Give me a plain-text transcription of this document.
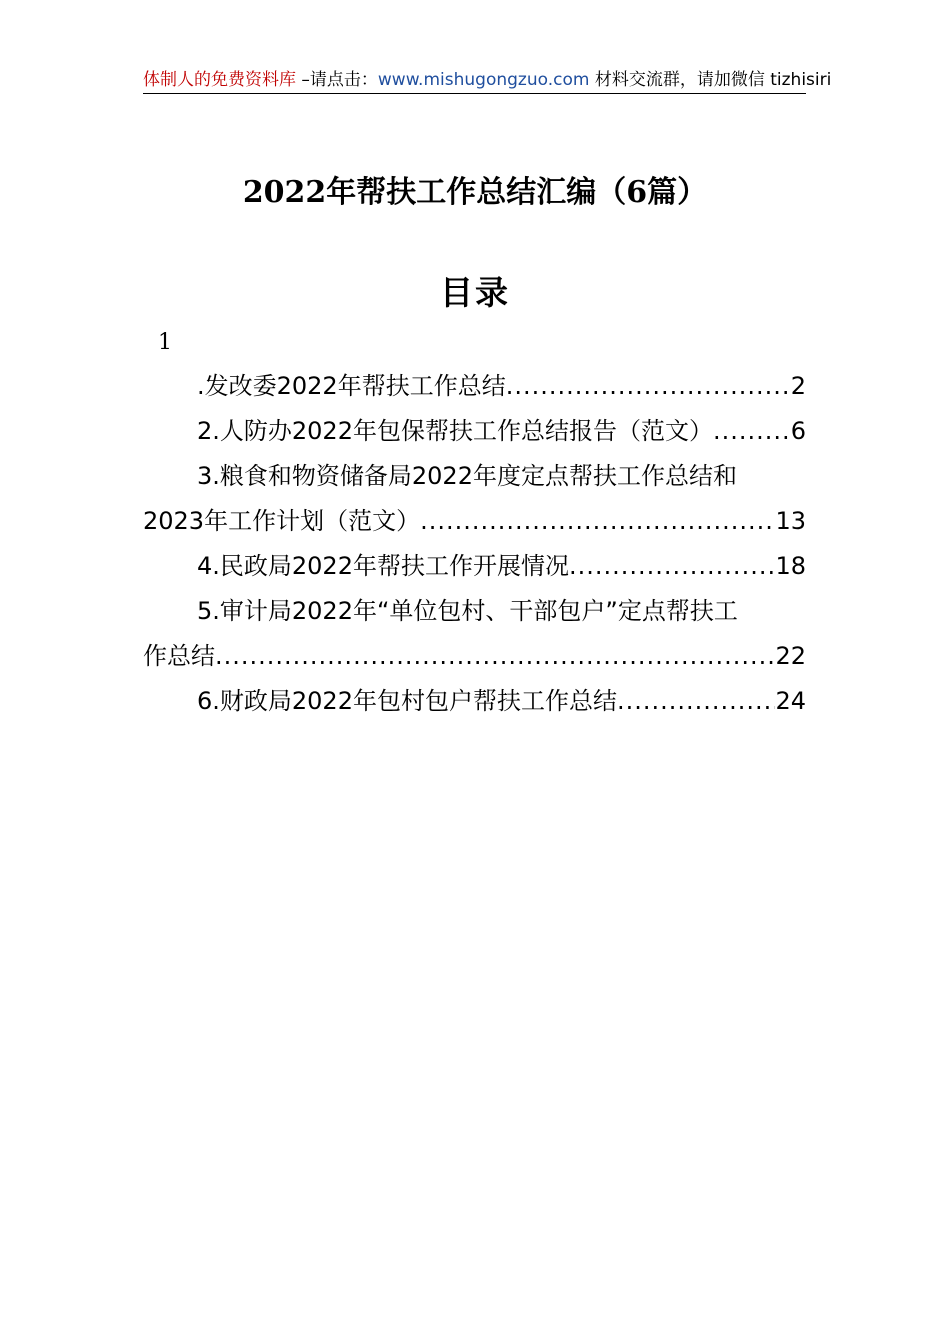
体制人的免费资料库 –请点击：www.mishugongzuo.com 材料交流群，请加微信 tizhisiri
2022年帮扶工作总结汇编（6篇）
目录
1
.发改委2022年帮扶工作总结 .....	2
2.人防办2022年包保帮扶工作总结报告（范文） .....	6
3.粮食和物资储备局2022年度定点帮扶工作总结和
2023年工作计划（范文） .....	13
4.民政局2022年帮扶工作开展情况 .....	18
5.审计局2022年“单位包村、干部包户”定点帮扶工
作总结 .....	22
6.财政局2022年包村包户帮扶工作总结 .....	24
